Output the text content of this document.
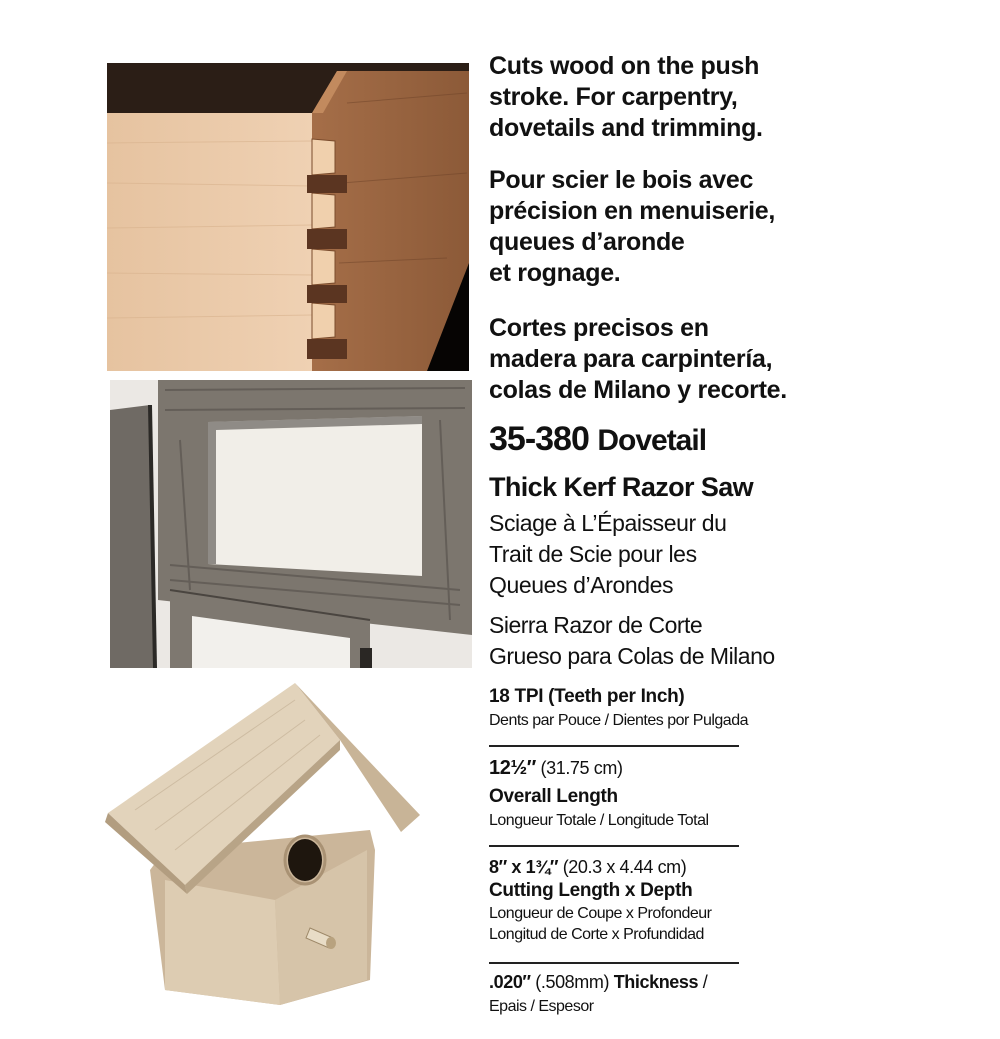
Cuts wood on the push
stroke. For carpentry,
dovetails and trimming.
Pour scier le bois avec
précision en menuiserie,
queues d’aronde
et rognage.
Cortes precisos en
madera para carpintería,
colas de Milano y recorte.
35-380 Dovetail
Thick Kerf Razor Saw
Sciage à L’Épaisseur du
Trait de Scie pour les
Queues d’Arondes
Sierra Razor de Corte
Grueso para Colas de Milano
18 TPI (Teeth per Inch)
Dents par Pouce / Dientes por Pulgada
12½″ (31.75 cm)
Overall Length
Longueur Totale / Longitude Total
8″ x 1¾″ (20.3 x 4.44 cm)
Cutting Length x Depth
Longueur de Coupe x Profondeur
Longitud de Corte x Profundidad
.020″ (.508mm) Thickness /
Epais / Espesor
